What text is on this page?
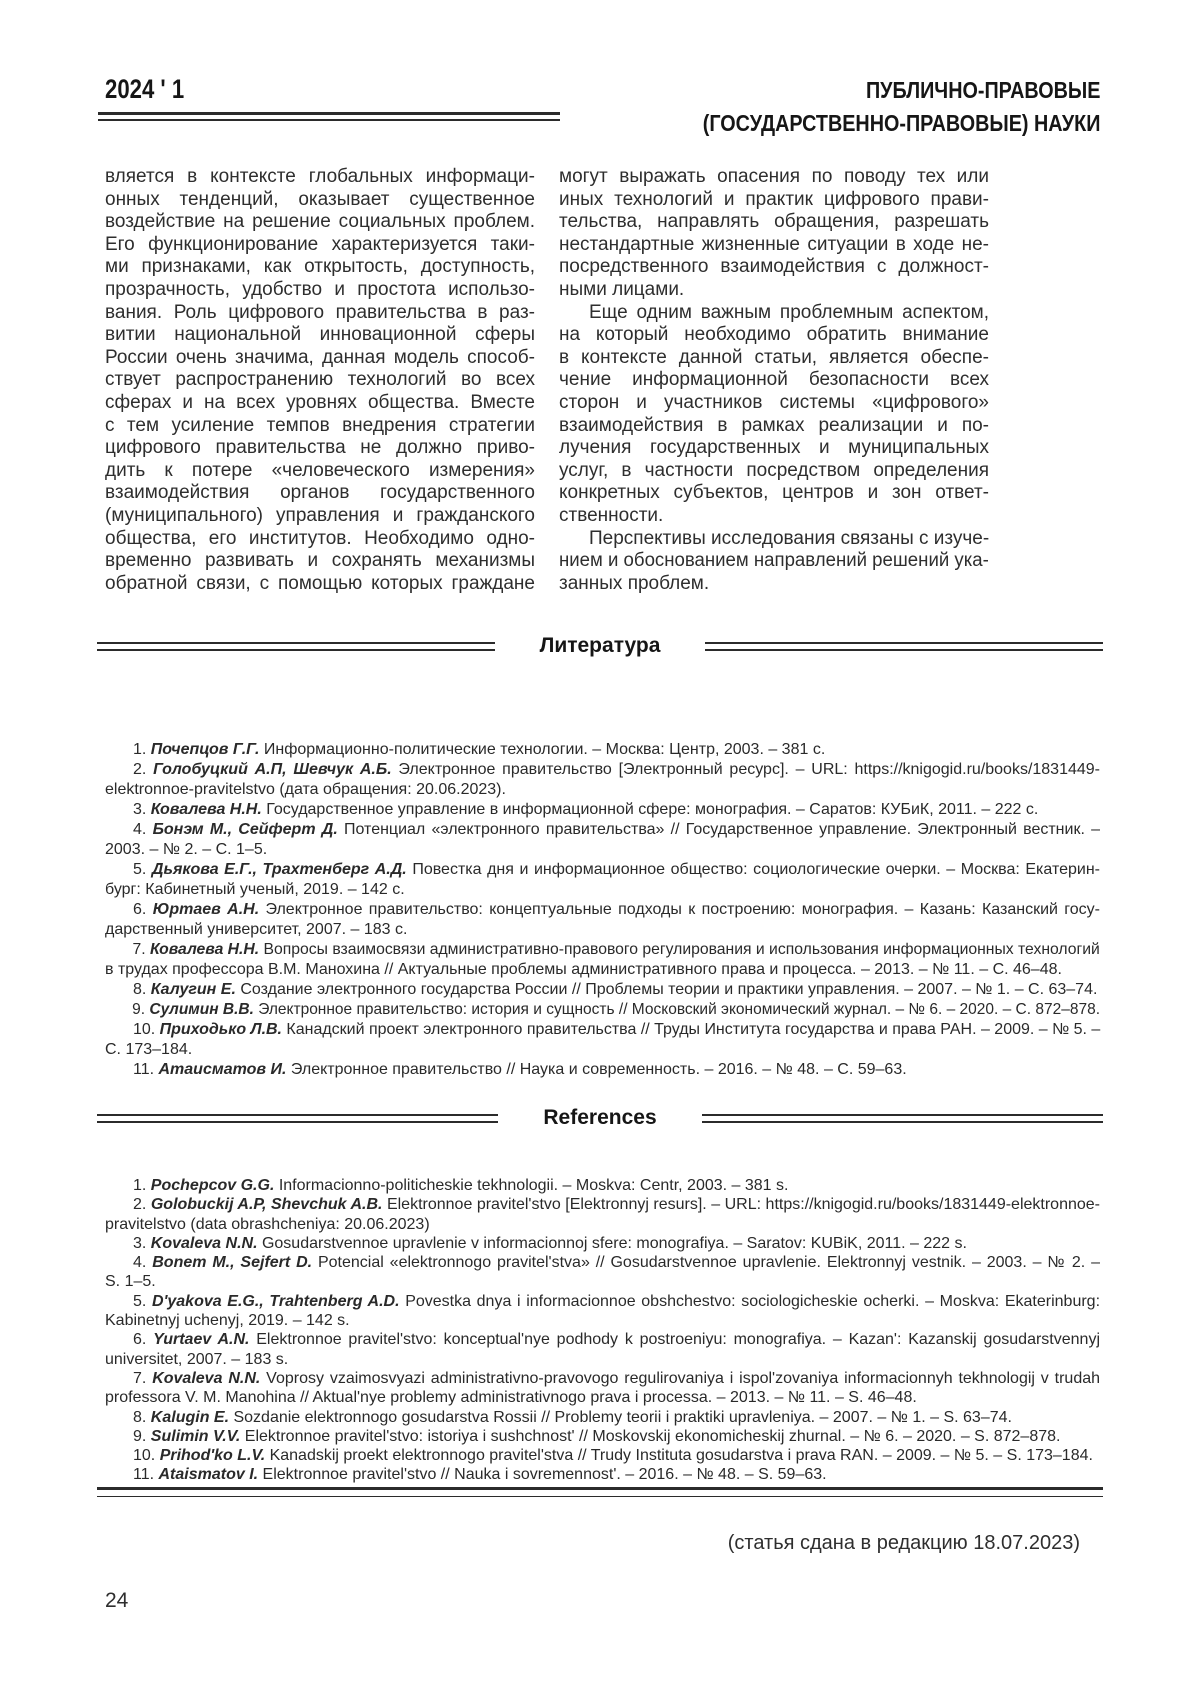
2024 ' 1	ПУБЛИЧНО-ПРАВОВЫЕ
(ГОСУДАРСТВЕННО-ПРАВОВЫЕ) НАУКИ
вляется в контексте глобальных информаци-
онных тенденций, оказывает существенное
воздействие на решение социальных проблем.
Его функционирование характеризуется таки-
ми признаками, как открытость, доступность,
прозрачность, удобство и простота использо-
вания. Роль цифрового правительства в раз-
витии национальной инновационной сферы
России очень значима, данная модель способ-
ствует распространению технологий во всех
сферах и на всех уровнях общества. Вместе
с тем усиление темпов внедрения стратегии
цифрового правительства не должно приво-
дить к потере «человеческого измерения»
взаимодействия органов государственного
(муниципального) управления и гражданского
общества, его институтов. Необходимо одно-
временно развивать и сохранять механизмы
обратной связи, с помощью которых граждане
могут выражать опасения по поводу тех или
иных технологий и практик цифрового прави-
тельства, направлять обращения, разрешать
нестандартные жизненные ситуации в ходе не-
посредственного взаимодействия с должност-
ными лицами.
Еще одним важным проблемным аспектом,
на который необходимо обратить внимание
в контексте данной статьи, является обеспе-
чение информационной безопасности всех
сторон и участников системы «цифрового»
взаимодействия в рамках реализации и по-
лучения государственных и муниципальных
услуг, в частности посредством определения
конкретных субъектов, центров и зон ответ-
ственности.
Перспективы исследования связаны с изуче-
нием и обоснованием направлений решений ука-
занных проблем.
Литература

1. Почепцов Г.Г. Информационно-политические технологии. – Москва: Центр, 2003. – 381 с.

2. Голобуцкий А.П, Шевчук А.Б. Электронное правительство [Электронный ресурс]. – URL: https://knigogid.ru/books/1831449-
elektronnoe-pravitelstvo (дата обращения: 20.06.2023).

3. Ковалева Н.Н. Государственное управление в информационной сфере: монография. – Саратов: КУБиК, 2011. – 222 с.

4. Бонэм М., Сейферт Д. Потенциал «электронного правительства» // Государственное управление. Электронный вестник. –
2003. – № 2. – С. 1–5.

5. Дьякова Е.Г., Трахтенберг А.Д. Повестка дня и информационное общество: социологические очерки. – Москва: Екатерин-
бург: Кабинетный ученый, 2019. – 142 с.

6. Юртаев А.Н. Электронное правительство: концептуальные подходы к построению: монография. – Казань: Казанский госу-
дарственный университет, 2007. – 183 с.

7. Ковалева Н.Н. Вопросы взаимосвязи административно-правового регулирования и использования информационных технологий
в трудах профессора В.М. Манохина // Актуальные проблемы административного права и процесса. – 2013. – № 11. – С. 46–48.

8. Калугин Е. Создание электронного государства России // Проблемы теории и практики управления. – 2007. – № 1. – С. 63–74.

9. Сулимин В.В. Электронное правительство: история и сущность // Московский экономический журнал. – № 6. – 2020. – С. 872–878.

10. Приходько Л.В. Канадский проект электронного правительства // Труды Института государства и права РАН. – 2009. – № 5. –
С. 173–184.

11. Атаисматов И. Электронное правительство // Наука и современность. – 2016. – № 48. – С. 59–63.

References

1. Pochepcov G.G. Informacionno-politicheskie tekhnologii. – Moskva: Centr, 2003. – 381 s.

2. Golobuckij A.P, Shevchuk A.B. Elektronnoe pravitel'stvo [Elektronnyj resurs]. – URL: https://knigogid.ru/books/1831449-elektronnoe-
pravitelstvo (data obrashcheniya: 20.06.2023)

3. Kovaleva N.N. Gosudarstvennoe upravlenie v informacionnoj sfere: monografiya. – Saratov: KUBiK, 2011. – 222 s.

4. Bonem M., Sejfert D. Potencial «elektronnogo pravitel'stva» // Gosudarstvennoe upravlenie. Elektronnyj vestnik. – 2003. – № 2. –
S. 1–5.

5. D'yakova E.G., Trahtenberg A.D. Povestka dnya i informacionnoe obshchestvo: sociologicheskie ocherki. – Moskva: Ekaterinburg:
Kabinetnyj uchenyj, 2019. – 142 s.

6. Yurtaev A.N. Elektronnoe pravitel'stvo: konceptual'nye podhody k postroeniyu: monografiya. – Kazan': Kazanskij gosudarstvennyj
universitet, 2007. – 183 s.

7. Kovaleva N.N. Voprosy vzaimosvyazi administrativno-pravovogo regulirovaniya i ispol'zovaniya informacionnyh tekhnologij v trudah
professora V. M. Manohina // Aktual'nye problemy administrativnogo prava i processa. – 2013. – № 11. – S. 46–48.

8. Kalugin E. Sozdanie elektronnogo gosudarstva Rossii // Problemy teorii i praktiki upravleniya. – 2007. – № 1. – S. 63–74.

9. Sulimin V.V. Elektronnoe pravitel'stvo: istoriya i sushchnost' // Moskovskij ekonomicheskij zhurnal. – № 6. – 2020. – S. 872–878.

10. Prihod'ko L.V. Kanadskij proekt elektronnogo pravitel'stva // Trudy Instituta gosudarstva i prava RAN. – 2009. – № 5. – S. 173–184.

11. Ataismatov I. Elektronnoe pravitel'stvo // Nauka i sovremennost'. – 2016. – № 48. – S. 59–63.

(статья сдана в редакцию 18.07.2023)
24
